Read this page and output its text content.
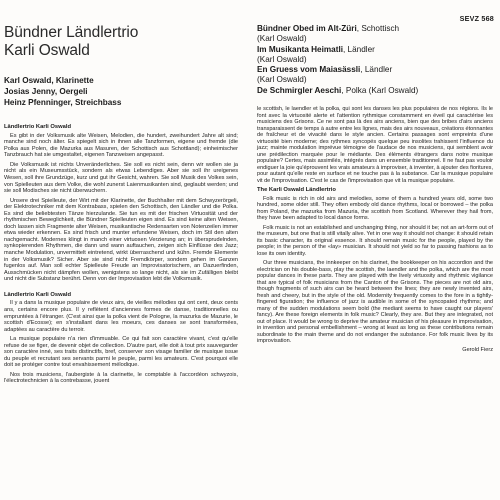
SEVZ 568
Bündner Ländlertrio
Karli Oswald
Karl Oswald, Klarinette
Josias Jenny, Oergeli
Heinz Pfenninger, Streichbass
Ländlertrio Karli Oswald

Es gibt in der Volksmusik alte Weisen, Melodien, die hundert, zweihundert Jahre alt sind; manche sind noch älter. Es spiegelt sich in ihnen alle Tanzformen, eigene und fremde (die Polka aus Polen, die Mazurka aus Masuren, der Schottisch aus Schottland); einheimischer Tanzbrauch hat sie umgestaltet, eigenen Tanzweisen angepasst.

Die Volksmusik ist nichts Unveränderliches. Sie soll es nicht sein, denn wir wollen sie ja nicht als ein Museumsstück, sondern als etwas Lebendiges. Aber sie soll ihr ureigenes Wesen, soll ihre Grundzüge, kurz und gut ihr Gesicht, wahren. Sie soll Musik des Volkes sein, von Spielleuten aus dem Volke, die wohl zunerst Laienmusikanten sind, geglaubt werden; und sie soll Modisches sie nicht überwuchern.

Unsere drei Spielleute, der Wirt mit der Klarinette, der Buchhalter mit dem Schwyzerörgeli, der Elektrotechniker mit dem Kontrabass, spielen den Schottisch, den Ländler und die Polka. Es sind die beliebtesten Tänze hierzulande. Sie tun es mit der frischen Virtuosität und der rhythmischen Beweglichkeit, die Bündner Spielleuten eigen sind. Es sind keine alten Weisen, doch lassen sich Fragmente alter Weisen, musikantische Redensarten von Notenzeilen immer etwa wieder erkennen. Es sind frisch und munter erfundene Weisen, doch im Stil den alten nachgemacht. Modernes klingt in manch einer virtuosen Verzierung an; in übersprudelnden, synkopierenden Rhythmen, die dann und wann auftauchen, zeigen sich Einflüsse des Jazz; manche Modulation, unvermittelt eintretend, wirkt überraschend und kühn. Fremde Elemente in der Volksmusik? Sicher. Aber sie sind nicht Fremdkörper, sondern gehen im Ganzen fugenlos auf. Man soll echter Spielleute Freude an Improvisatorischem, an Dazuerfinden, Ausschmücken nicht dämpfen wollen, wenigstens so lange nicht, als sie im Zufälligen bleibt und nicht die Substanz berührt. Denn von der Improvisation lebt die Volksmusik.

Ländlertrio Karli Oswald

Il y a dans la musique populaire de vieux airs, de vieilles mélodies qui ont cent, deux cents ans, certains encore plus. Il y reflètent d'anciennes formes de danse, traditionnelles ou empruntées à l'étranger. (C'est ainsi que la polka vient de Pologne, la mazurka de Mazurie, le scottish d'Ecosse); en s'installant dans les moeurs, ces danses se sont transformées, adaptées au caractère du terroir.

La musique populaire n'a rien d'immuable. Ce qui fait son caractère vivant, c'est qu'elle refuse de se figer, de devenir objet de collection. D'autre part, elle doit à tout prix sauvegarder son caractère inné, ses traits distinctifs, bref, conserver son visage familier de musique issue du peuple et recrutant ses servants parmi le peuple, parmi les amateurs. C'est pourquoi elle doit se protéger contre tout envahissement mélodique.

Nos trois musiciens, l'aubergiste à la clarinette, le comptable à l'accordéon schwyzois, l'électrotechnicien à la contrebasse, jouent

Bündner Obed im Alt-Züri, Schottisch
(Karl Oswald)
Im Musikanta Heimatli, Ländler
(Karl Oswald)
En Gruess vom Maiasässli, Ländler
(Karl Oswald)
De Schmirgler Aeschi, Polka (Karl Oswald)

le scottish, le laendler et la polka, qui sont les danses les plus populaires de nos régions. Ils le font avec la virtuosité alerte et l'attention rythmique constamment en éveil qui caractérise les musiciens des Grisons. Ce ne sont pas là des airs anciens, bien que des bribes d'airs anciens transparaissent de temps à autre entre les lignes, mais des airs nouveaux, créations étonnantes de fraîcheur et de vivacité dans le style ancien. Certains passages sont empreints d'une virtuosité bien moderne; des rythmes syncopés quelque peu insolites trahissent l'influence du jazz; mainte modulation imprévue témoigne de l'audace de nos musiciens, qui semblent avoir une prédilection marquée pour le médiante. Des éléments étrangers dans notre musique populaire? Certes, mais assimilés, intégrés dans un ensemble traditionnel. Il ne faut pas vouloir endiguer la joie qu'éprouvent les vrais amateurs à improviser, à inventer, à ajouter des fioritures, pour autant qu'elle reste en surface et ne touche pas à la substance. Car la musique populaire vit de l'improvisation. C'est le cas de l'improvisation que vit la musique populaire.

The Karli Oswald Ländlertrio

Folk music is rich in old airs and melodies, some of them a hundred years old, some two hundred, some older still. They often embody old dance rhythms, local or borrowed – the polka from Poland, the mazurka from Mazuria, the scottish from Scotland. Wherever they hail from, they have been adapted to local dance forms.

Folk music is not an established and unchanging thing, nor should it be; not an art-form out of the museum, but one that is still vitally alive. Yet in one way it should not change: it should retain its basic character, its original essence. It should remain music for the people, played by the people; in the person of the «lay» musician. It should not yield so far to passing fashions as to lose its own identity.

Our three musicians, the innkeeper on his clarinet, the bookkeeper on his accordion and the electrician on his double-bass, play the scottish, the laendler and the polka, which are the most popular dances in these parts. They are played with the lively virtuosity and rhythmic vigilance that are typical of folk musicians from the Canton of the Grisons. The pieces are not old airs, though fragments of such airs can be heard between the lines; they are newly invented airs, fresh and cheery, but in the style of the old. Modernity frequently comes to the fore in a tightly-fingered figuration; the influence of jazz is audible in some of the syncopated rhythms; and many of the sudden modulations seem bold (the mediant seems to have caught our players' fancy). Are these foreign elements in folk music? Clearly, they are. But they are integrated, not out of place. It would be wrong to deprive the amateur musician of his pleasure in improvisation, in invention and personal embellishment – wrong at least as long as these contributions remain subordinate to the main theme and do not endanger the substance. For folk music lives by its improvisation.

Gerold Fierz
